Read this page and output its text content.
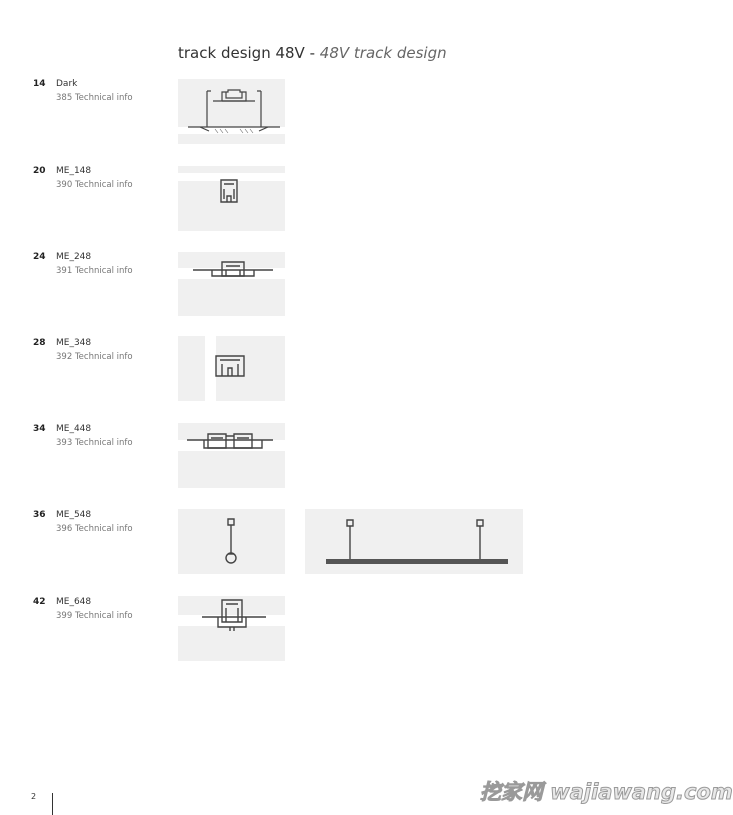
track design 48V - 48V track design
14 Dark
385 Technical info
20 ME_148
390 Technical info
24 ME_248
391 Technical info
28 ME_348
392 Technical info
34 ME_448
393 Technical info
36 ME_548
396 Technical info
42 ME_648
399 Technical info
2	挖家网 wajiawang.com
